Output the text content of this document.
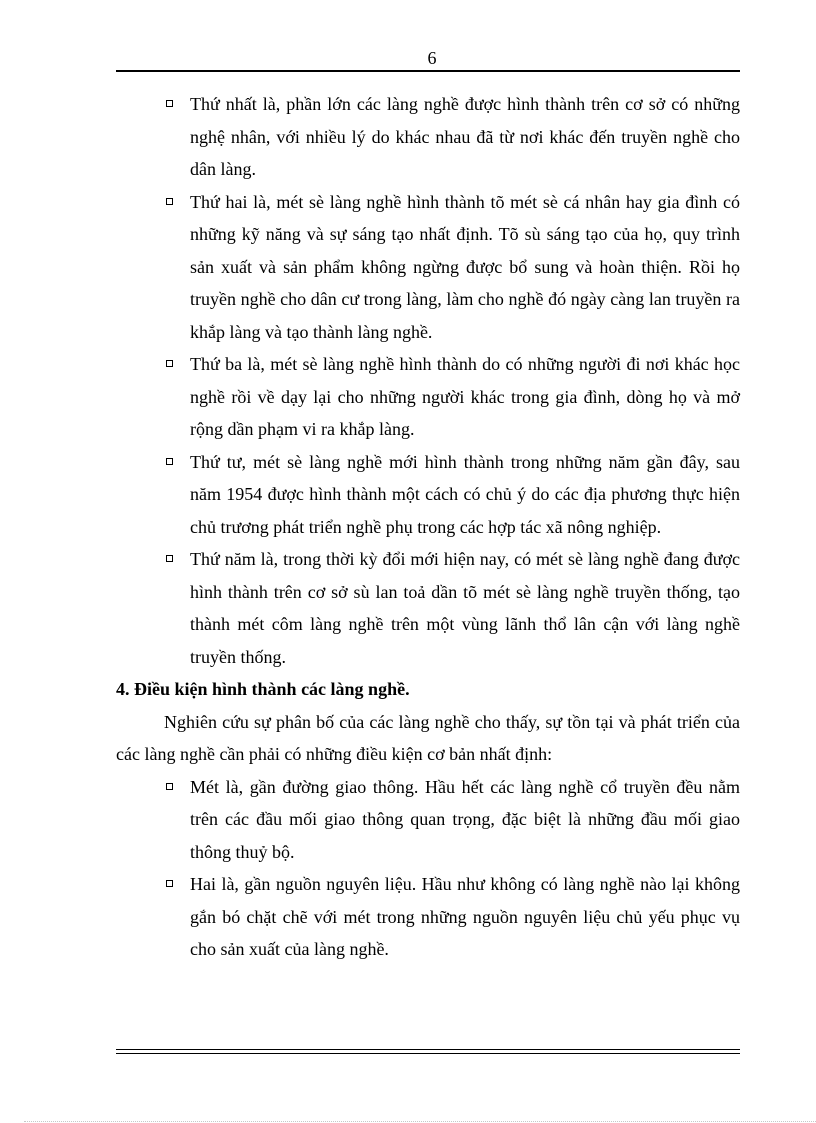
6
Thứ nhất là, phần lớn các làng nghề được hình thành trên cơ sở có những nghệ nhân, với nhiều lý do khác nhau đã từ nơi khác đến truyền nghề cho dân làng.
Thứ hai là, mét sè làng nghề hình thành tõ mét sè cá nhân hay gia đình có những kỹ năng và sự sáng tạo nhất định. Tõ sù sáng tạo của họ, quy trình sản xuất và sản phẩm không ngừng được bổ sung và hoàn thiện. Rồi họ truyền nghề cho dân cư trong làng, làm cho nghề đó ngày càng lan truyền ra khắp làng và tạo thành làng nghề.
Thứ ba là, mét sè làng nghề hình thành do có những người đi nơi khác học nghề rồi về dạy lại cho những người khác trong gia đình, dòng họ và mở rộng dần phạm vi ra khắp làng.
Thứ tư, mét sè làng nghề mới hình thành trong những năm gần đây, sau năm 1954 được hình thành một cách có chủ ý do các địa phương thực hiện chủ trương phát triển nghề phụ trong các hợp tác xã nông nghiệp.
Thứ năm là, trong thời kỳ đổi mới hiện nay, có mét sè làng nghề đang được hình thành trên cơ sở sù lan toả dần tõ mét sè làng nghề truyền thống, tạo thành mét côm làng nghề trên một vùng lãnh thổ lân cận với làng nghề truyền thống.

4. Điều kiện hình thành các làng nghề.

Nghiên cứu sự phân bố của các làng nghề cho thấy, sự tồn tại và phát triển của các làng nghề cần phải có những điều kiện cơ bản nhất định:

Mét là, gần đường giao thông. Hầu hết các làng nghề cổ truyền đều nằm trên các đầu mối giao thông quan trọng, đặc biệt là những đầu mối giao thông thuỷ bộ.
Hai là, gần nguồn nguyên liệu. Hầu như không có làng nghề nào lại không gắn bó chặt chẽ với mét trong những nguồn nguyên liệu chủ yếu phục vụ cho sản xuất của làng nghề.
